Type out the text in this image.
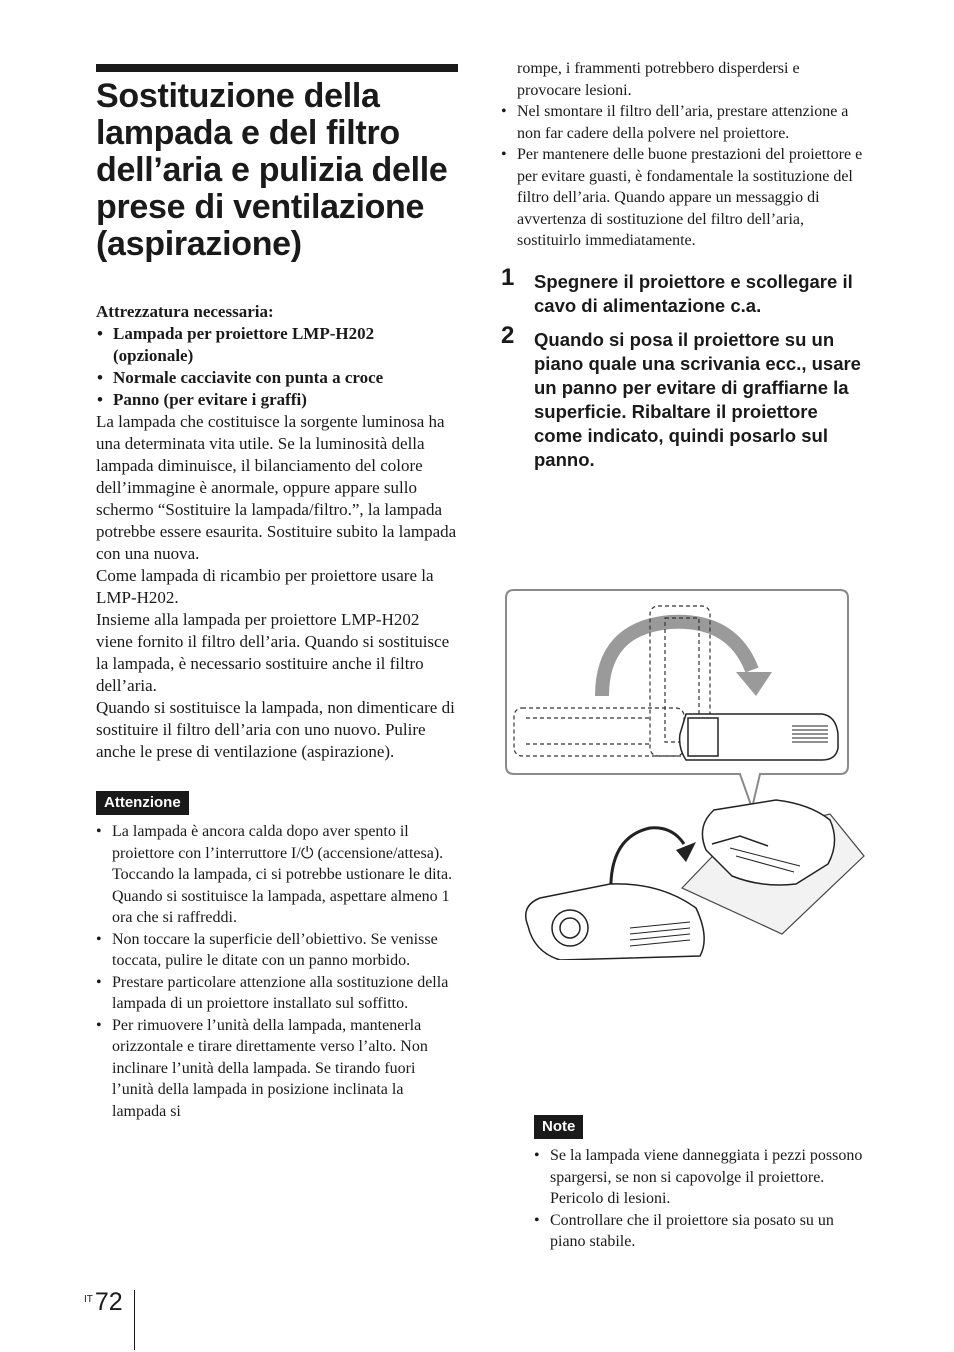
Sostituzione della lampada e del filtro dell’aria e pulizia delle prese di ventilazione (aspirazione)
Attrezzatura necessaria:
• Lampada per proiettore LMP-H202 (opzionale)
• Normale cacciavite con punta a croce
• Panno (per evitare i graffi)

La lampada che costituisce la sorgente luminosa ha una determinata vita utile. Se la luminosità della lampada diminuisce, il bilanciamento del colore dell’immagine è anormale, oppure appare sullo schermo “Sostituire la lampada/filtro.”, la lampada potrebbe essere esaurita. Sostituire subito la lampada con una nuova.

Come lampada di ricambio per proiettore usare la LMP-H202.

Insieme alla lampada per proiettore LMP-H202 viene fornito il filtro dell’aria. Quando si sostituisce la lampada, è necessario sostituire anche il filtro dell’aria.

Quando si sostituisce la lampada, non dimenticare di sostituire il filtro dell’aria con uno nuovo. Pulire anche le prese di ventilazione (aspirazione).

Attenzione
• La lampada è ancora calda dopo aver spento il proiettore con l’interruttore I/⏻ (accensione/attesa). Toccando la lampada, ci si potrebbe ustionare le dita. Quando si sostituisce la lampada, aspettare almeno 1 ora che si raffreddi.
• Non toccare la superficie dell’obiettivo. Se venisse toccata, pulire le ditate con un panno morbido.
• Prestare particolare attenzione alla sostituzione della lampada di un proiettore installato sul soffitto.
• Per rimuovere l’unità della lampada, mantenerla orizzontale e tirare direttamente verso l’alto. Non inclinare l’unità della lampada. Se tirando fuori l’unità della lampada in posizione inclinata la lampada si

rompe, i frammenti potrebbero disperdersi e provocare lesioni.

• Nel smontare il filtro dell’aria, prestare attenzione a non far cadere della polvere nel proiettore.
• Per mantenere delle buone prestazioni del proiettore e per evitare guasti, è fondamentale la sostituzione del filtro dell’aria. Quando appare un messaggio di avvertenza di sostituzione del filtro dell’aria, sostituirlo immediatamente.
1 Spegnere il proiettore e scollegare il cavo di alimentazione c.a.
2 Quando si posa il proiettore su un piano quale una scrivania ecc., usare un panno per evitare di graffiarne la superficie. Ribaltare il proiettore come indicato, quindi posarlo sul panno.
Note
• Se la lampada viene danneggiata i pezzi possono spargersi, se non si capovolge il proiettore. Pericolo di lesioni.
• Controllare che il proiettore sia posato su un piano stabile.
$^{IT}$72
